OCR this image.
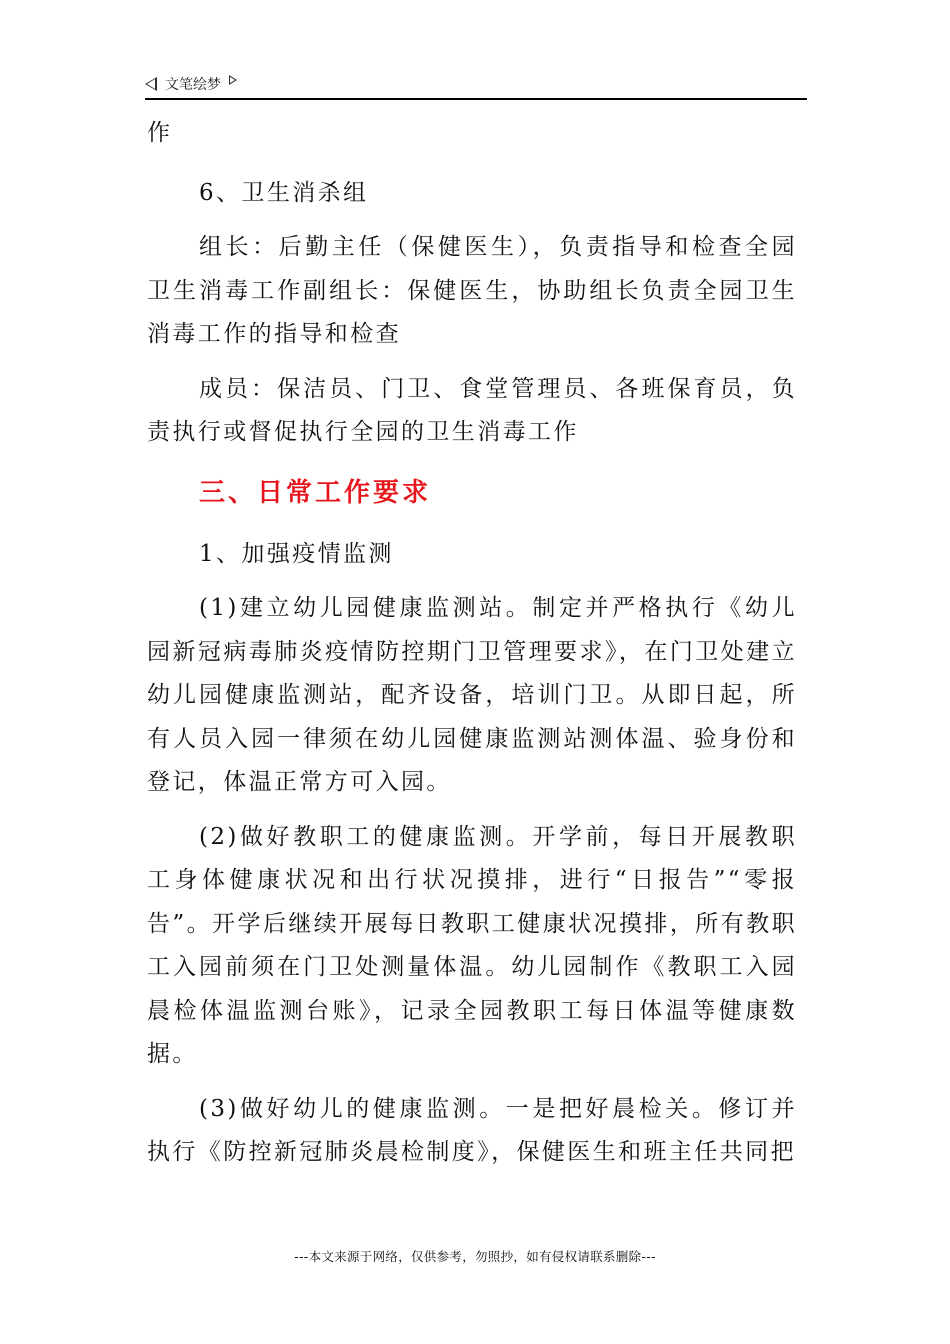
文笔绘梦

作

6、卫生消杀组

组长：后勤主任（保健医生），负责指导和检查全园卫生消毒工作副组长：保健医生，协助组长负责全园卫生消毒工作的指导和检查

成员：保洁员、门卫、食堂管理员、各班保育员，负责执行或督促执行全园的卫生消毒工作

三、日常工作要求

1、加强疫情监测

(1)建立幼儿园健康监测站。制定并严格执行《幼儿园新冠病毒肺炎疫情防控期门卫管理要求》，在门卫处建立幼儿园健康监测站，配齐设备，培训门卫。从即日起，所有人员入园一律须在幼儿园健康监测站测体温、验身份和登记，体温正常方可入园。

(2)做好教职工的健康监测。开学前，每日开展教职工身体健康状况和出行状况摸排，进行“日报告”“零报告”。开学后继续开展每日教职工健康状况摸排，所有教职工入园前须在门卫处测量体温。幼儿园制作《教职工入园晨检体温监测台账》，记录全园教职工每日体温等健康数据。

(3)做好幼儿的健康监测。一是把好晨检关。修订并执行《防控新冠肺炎晨检制度》，保健医生和班主任共同把

---本文来源于网络，仅供参考，勿照抄，如有侵权请联系删除---
